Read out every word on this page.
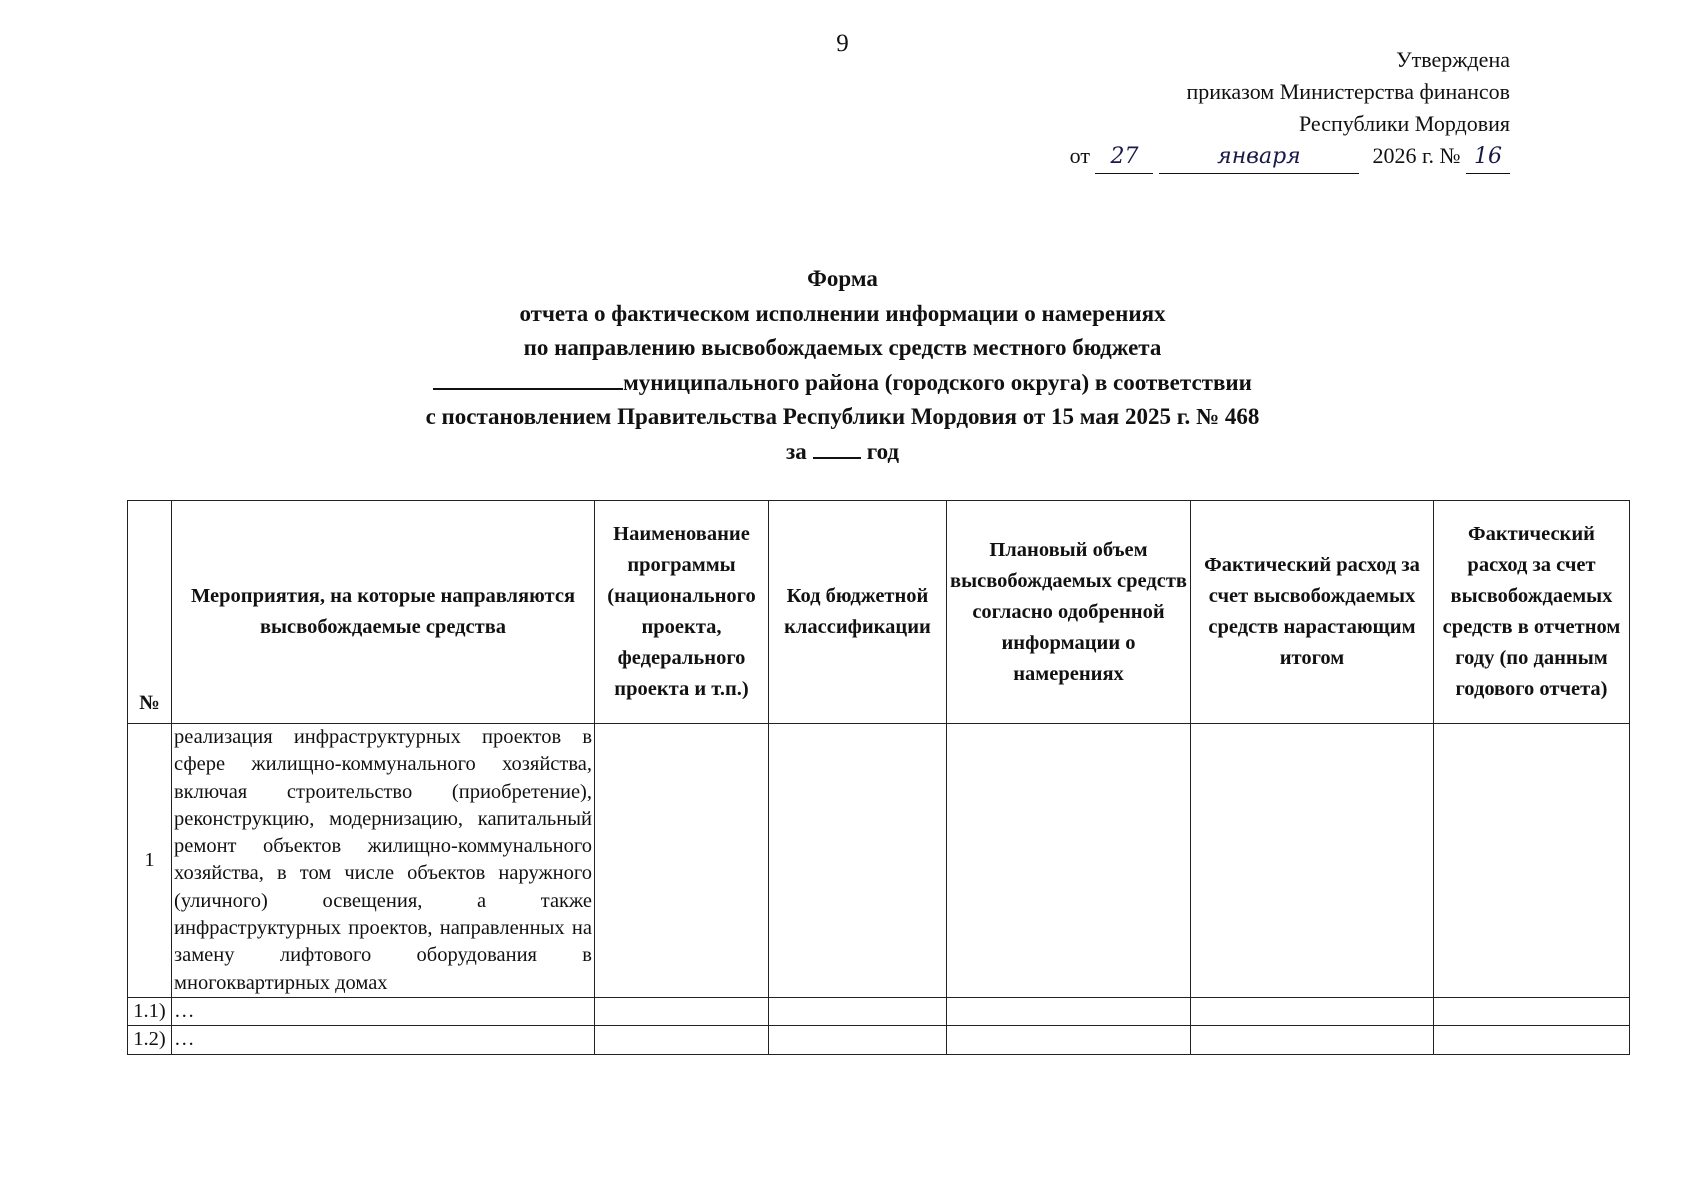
9
Утверждена
приказом Министерства финансов
Республики Мордовия
от 27	января	2026 г. № 16
Форма
отчета о фактическом исполнении информации о намерениях
по направлению высвобождаемых средств местного бюджета
муниципального района (городского округа) в соответствии
с постановлением Правительства Республики Мордовия от 15 мая 2025 г. № 468
за	год
№	Мероприятия, на которые направляются высвобождаемые средства	Наименование программы (национального проекта, федерального проекта и т.п.)	Код бюджетной классификации	Плановый объем высвобождаемых средств согласно одобренной информации о намерениях	Фактический расход за счет высвобождаемых средств нарастающим итогом	Фактический расход за счет высвобождаемых средств в отчетном году (по данным годового отчета)
1	реализация инфраструктурных проектов в сфере жилищно-коммунального хозяйства, включая строительство (приобретение), реконструкцию, модернизацию, капитальный ремонт объектов жилищно-коммунального хозяйства, в том числе объектов наружного (уличного) освещения, а также инфраструктурных проектов, направленных на замену лифтового оборудования в многоквартирных домах					
1.1)	…					
1.2)	…					
